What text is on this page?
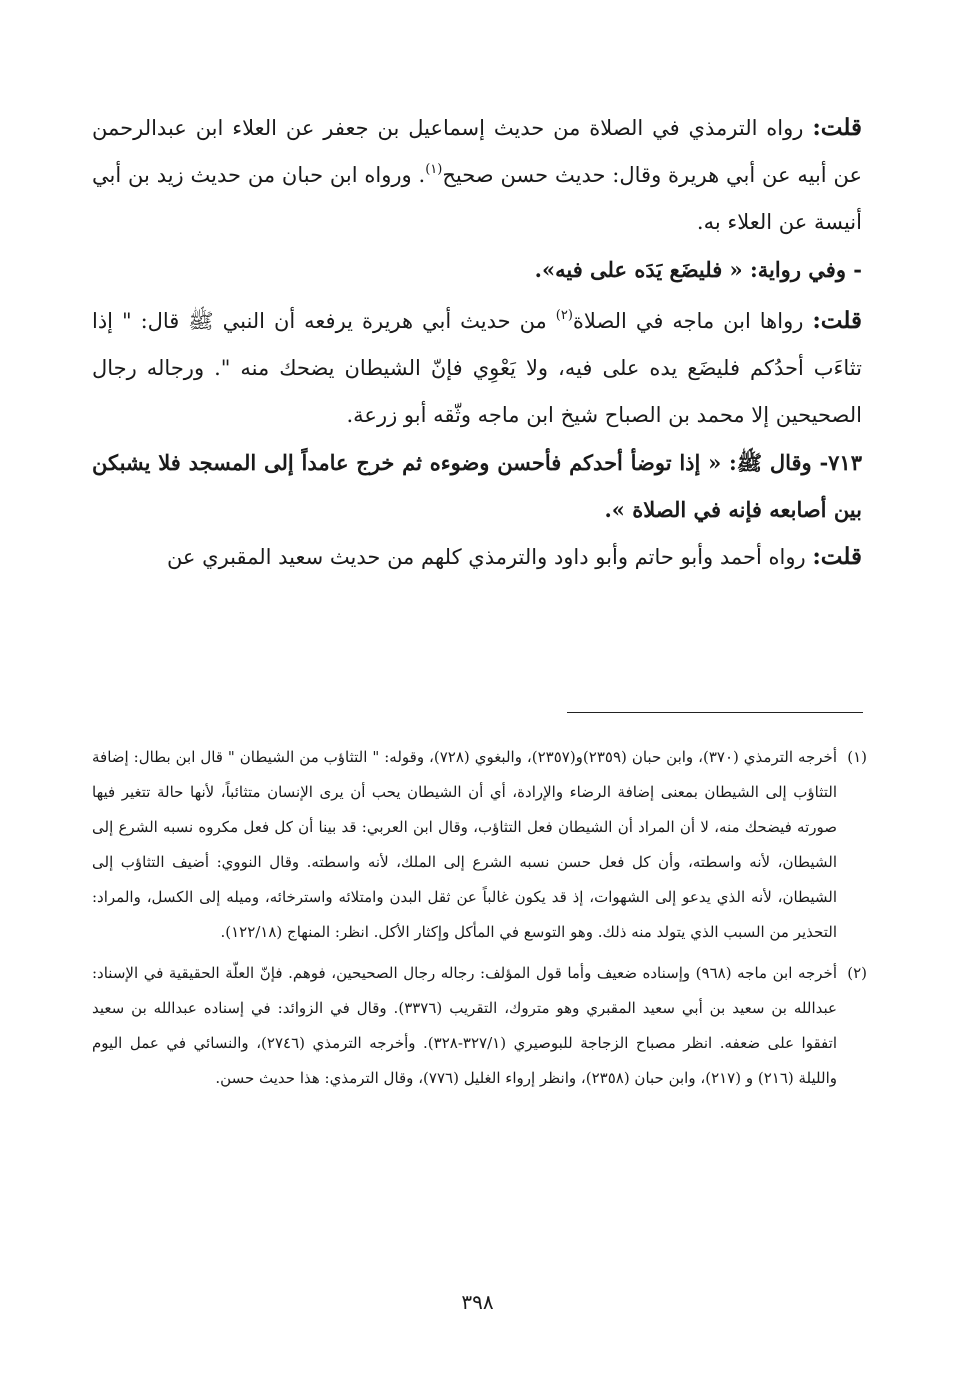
قلت: رواه الترمذي في الصلاة من حديث إسماعيل بن جعفر عن العلاء ابن عبدالرحمن عن أبيه عن أبي هريرة وقال: حديث حسن صحيح$^{(١)}$. ورواه ابن حبان من حديث زيد بن أبي أنيسة عن العلاء به.

- وفي رواية: « فليضَع يَدَه على فيه».

قلت: رواها ابن ماجه في الصلاة$^{(٢)}$ من حديث أبي هريرة يرفعه أن النبي ﷺ قال: " إذا تثاءَب أحدُكم فليضَع يده على فيه، ولا يَعْوِي فإنّ الشيطان يضحك منه ". ورجاله رجال الصحيحين إلا محمد بن الصباح شيخ ابن ماجه وثّقه أبو زرعة.

٧١٣- وقال ﷺ: « إذا توضأ أحدكم فأحسن وضوءه ثم خرج عامداً إلى المسجد فلا يشبكن بين أصابعه فإنه في الصلاة ».

قلت: رواه أحمد وأبو حاتم وأبو داود والترمذي كلهم من حديث سعيد المقبري عن

(١)
أخرجه الترمذي (٣٧٠)، وابن حبان (٢٣٥٩)و(٢٣٥٧)، والبغوي (٧٢٨)، وقوله: " التثاؤب من الشيطان " قال ابن بطال: إضافة التثاؤب إلى الشيطان بمعنى إضافة الرضاء والإرادة، أي أن الشيطان يحب أن يرى الإنسان متثائباً، لأنها حالة تتغير فيها صورته فيضحك منه، لا أن المراد أن الشيطان فعل التثاؤب، وقال ابن العربي: قد بينا أن كل فعل مكروه نسبه الشرع إلى الشيطان، لأنه واسطته، وأن كل فعل حسن نسبه الشرع إلى الملك، لأنه واسطته. وقال النووي: أضيف التثاؤب إلى الشيطان، لأنه الذي يدعو إلى الشهوات، إذ قد يكون غالباً عن ثقل البدن وامتلائه واسترخائه، وميله إلى الكسل، والمراد: التحذير من السبب الذي يتولد منه ذلك. وهو التوسع في المأكل وإكثار الأكل. انظر: المنهاج (١٢٢/١٨).

(٢)
أخرجه ابن ماجه (٩٦٨) وإسناده ضعيف وأما قول المؤلف: رجاله رجال الصحيحين، فوهم. فإنّ العلّة الحقيقية في الإسناد: عبدالله بن سعيد بن أبي سعيد المقبري وهو متروك، التقريب (٣٣٧٦). وقال في الزوائد: في إسناده عبدالله بن سعيد اتفقوا على ضعفه. انظر مصباح الزجاجة للبوصيري (٣٢٧/١-٣٢٨). وأخرجه الترمذي (٢٧٤٦)، والنسائي في عمل اليوم والليلة (٢١٦) و (٢١٧)، وابن حبان (٢٣٥٨)، وانظر إرواء الغليل (٧٧٦)، وقال الترمذي: هذا حديث حسن.

٣٩٨
